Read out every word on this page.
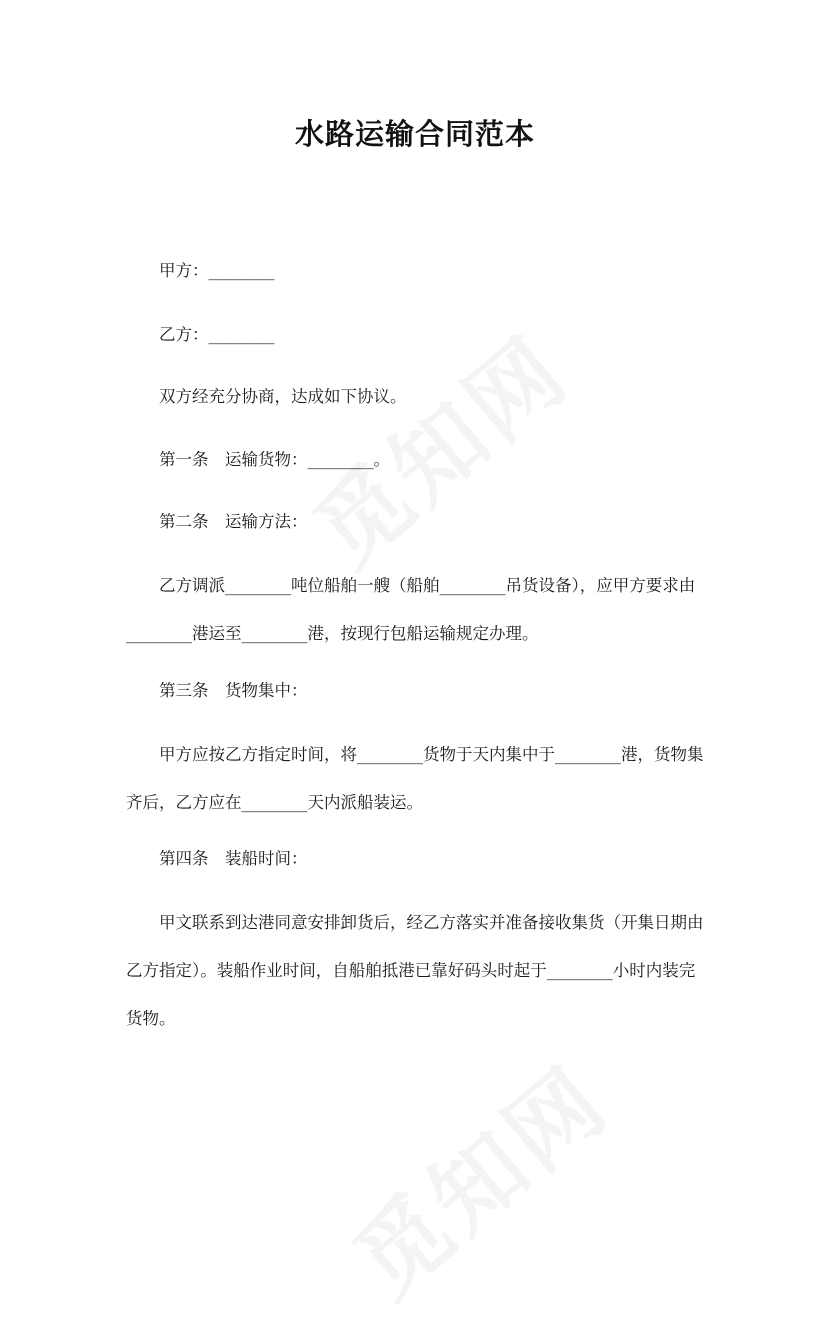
水路运输合同范本

甲方：________

乙方：________

双方经充分协商，达成如下协议。

第一条　运输货物：________。

第二条　运输方法：

乙方调派________吨位船舶一艘（船舶________吊货设备），应甲方要求由________港运至________港，按现行包船运输规定办理。

第三条　货物集中：

甲方应按乙方指定时间，将________货物于天内集中于________港，货物集齐后，乙方应在________天内派船装运。

第四条　装船时间：

甲文联系到达港同意安排卸货后，经乙方落实并准备接收集货（开集日期由乙方指定）。装船作业时间，自船舶抵港已靠好码头时起于________小时内装完货物。
